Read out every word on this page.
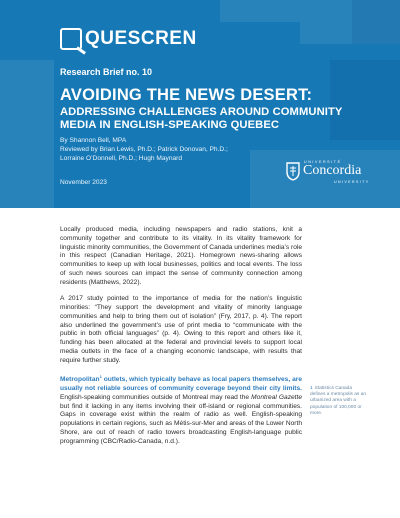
QUESCREN
Research Brief no. 10
AVOIDING THE NEWS DESERT:
ADDRESSING CHALLENGES AROUND COMMUNITY MEDIA IN ENGLISH-SPEAKING QUEBEC
By Shannon Bell, MPA
Reviewed by Brian Lewis, Ph.D.; Patrick Donovan, Ph.D.;
Lorraine O’Donnell, Ph.D.; Hugh Maynard
November 2023
UNIVERSITÉ
Concordia
UNIVERSITY

Locally produced media, including newspapers and radio stations, knit a community together and contribute to its vitality. In its vitality framework for linguistic minority communities, the Government of Canada underlines media’s role in this respect (Canadian Heritage, 2021). Homegrown news-sharing allows communities to keep up with local businesses, politics and local events. The loss of such news sources can impact the sense of community connection among residents (Matthews, 2022).

A 2017 study pointed to the importance of media for the nation’s linguistic minorities: “They support the development and vitality of minority language communities and help to bring them out of isolation” (Fry, 2017, p. 4). The report also underlined the government’s use of print media to “communicate with the public in both official languages” (p. 4). Owing to this report and others like it, funding has been allocated at the federal and provincial levels to support local media outlets in the face of a changing economic landscape, with results that require further study.

Metropolitan$^1$ outlets, which typically behave as local papers themselves, are usually not reliable sources of community coverage beyond their city limits. English-speaking communities outside of Montreal may read the Montreal Gazette but find it lacking in any items involving their off-island or regional communities. Gaps in coverage exist within the realm of radio as well. English-speaking populations in certain regions, such as Métis-sur-Mer and areas of the Lower North Shore, are out of reach of radio towers broadcasting English-language public programming (CBC/Radio-Canada, n.d.).

1 Statistics Canada defines a metropolis as an urbanized area with a population of 100,000 or more.
